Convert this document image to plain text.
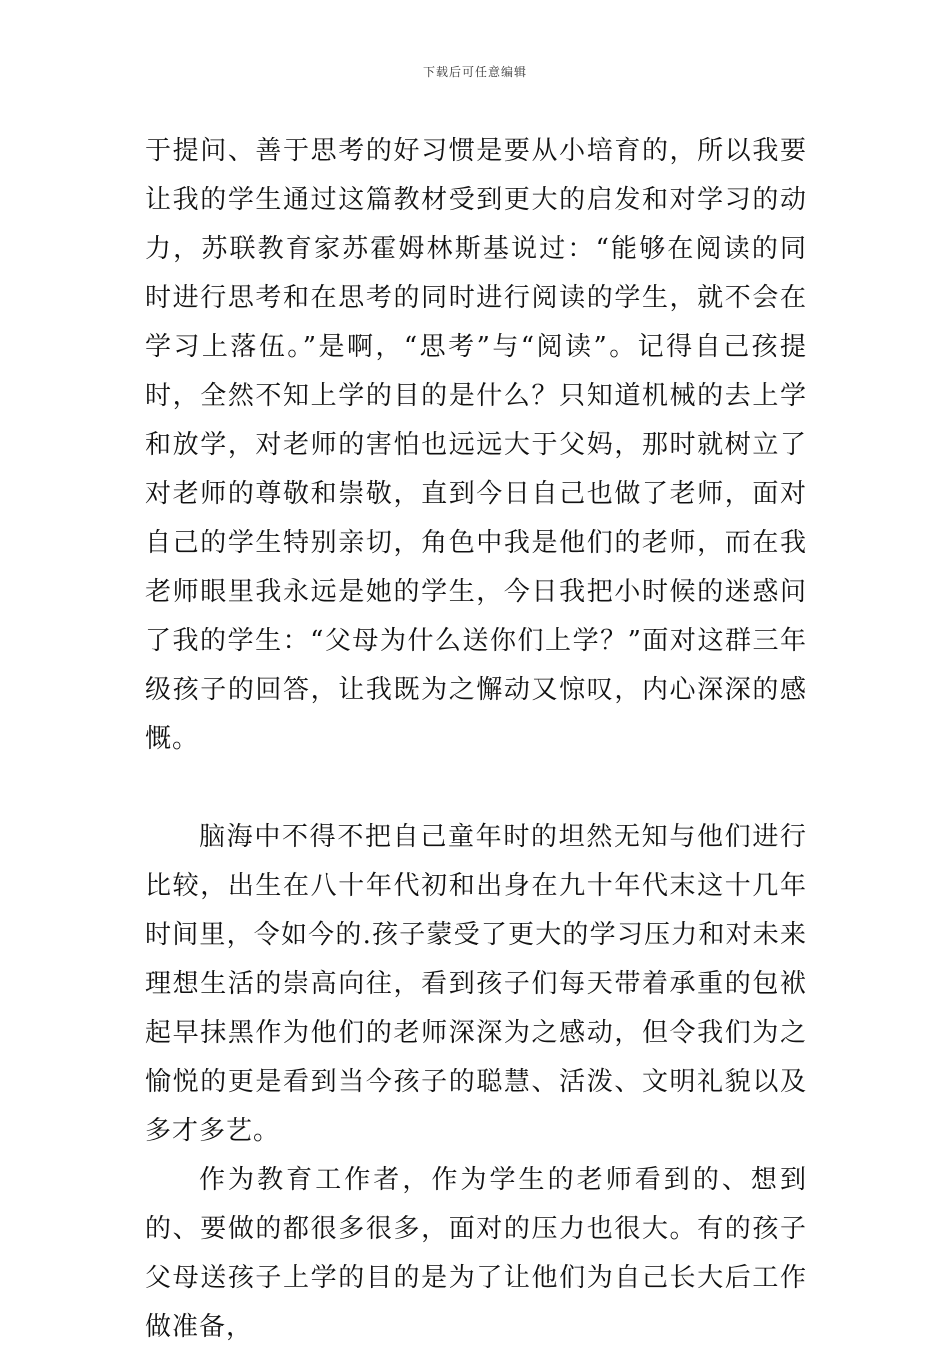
下载后可任意编辑

于提问、善于思考的好习惯是要从小培育的，所以我要让我的学生通过这篇教材受到更大的启发和对学习的动力，苏联教育家苏霍姆林斯基说过：“能够在阅读的同时进行思考和在思考的同时进行阅读的学生，就不会在学习上落伍。”是啊，“思考”与“阅读”。记得自己孩提时，全然不知上学的目的是什么？只知道机械的去上学和放学，对老师的害怕也远远大于父妈，那时就树立了对老师的尊敬和崇敬，直到今日自己也做了老师，面对自己的学生特别亲切，角色中我是他们的老师，而在我老师眼里我永远是她的学生，今日我把小时候的迷惑问了我的学生：“父母为什么送你们上学？”面对这群三年级孩子的回答，让我既为之懈动又惊叹，内心深深的感慨。

脑海中不得不把自己童年时的坦然无知与他们进行比较，出生在八十年代初和出身在九十年代末这十几年时间里，令如今的.孩子蒙受了更大的学习压力和对未来理想生活的崇高向往，看到孩子们每天带着承重的包袱起早抹黑作为他们的老师深深为之感动，但令我们为之愉悦的更是看到当今孩子的聪慧、活泼、文明礼貌以及多才多艺。

作为教育工作者，作为学生的老师看到的、想到的、要做的都很多很多，面对的压力也很大。有的孩子父母送孩子上学的目的是为了让他们为自己长大后工作做准备，
